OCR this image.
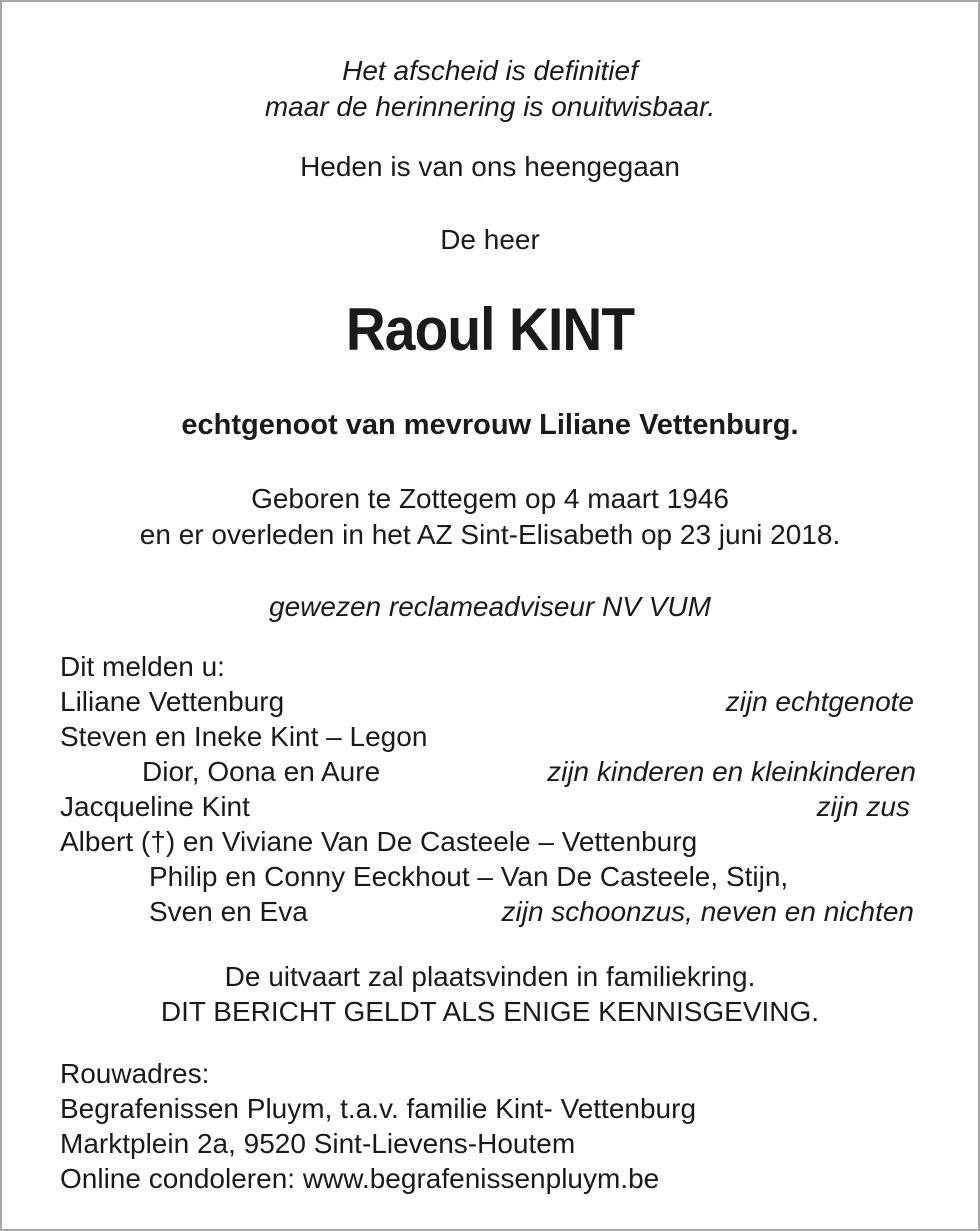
Het afscheid is definitief
maar de herinnering is onuitwisbaar.
Heden is van ons heengegaan
De heer
Raoul KINT
echtgenoot van mevrouw Liliane Vettenburg.
Geboren te Zottegem op 4 maart 1946
en er overleden in het AZ Sint-Elisabeth op 23 juni 2018.
gewezen reclameadviseur NV VUM
Dit melden u:
Liliane Vettenburg	zijn echtgenote
Steven en Ineke Kint – Legon
Dior, Oona en Aure	zijn kinderen en kleinkinderen
Jacqueline Kint	zijn zus
Albert (†) en Viviane Van De Casteele – Vettenburg
Philip en Conny Eeckhout – Van De Casteele, Stijn,
Sven en Eva	zijn schoonzus, neven en nichten
De uitvaart zal plaatsvinden in familiekring.
DIT BERICHT GELDT ALS ENIGE KENNISGEVING.
Rouwadres:
Begrafenissen Pluym, t.a.v. familie Kint- Vettenburg
Marktplein 2a, 9520 Sint-Lievens-Houtem
Online condoleren: www.begrafenissenpluym.be
